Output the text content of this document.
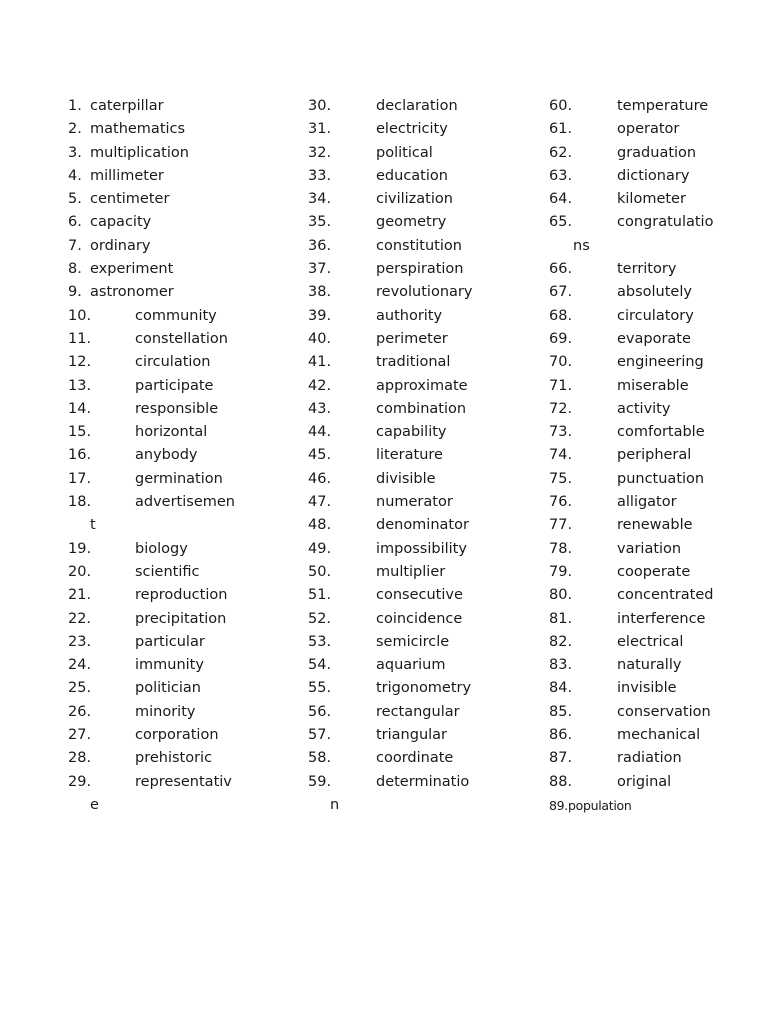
1. caterpillar
2. mathematics
3. multiplication
4. millimeter
5. centimeter
6. capacity
7. ordinary
8. experiment
9. astronomer
10.	community
11.	constellation
12.	circulation
13.	participate
14.	responsible
15.	horizontal
16.	anybody
17.	germination
18.	advertisemen
t
19.	biology
20.	scientific
21.	reproduction
22.	precipitation
23.	particular
24.	immunity
25.	politician
26.	minority
27.	corporation
28.	prehistoric
29.	representativ
e
30.	declaration
31.	electricity
32.	political
33.	education
34.	civilization
35.	geometry
36.	constitution
37.	perspiration
38.	revolutionary
39.	authority
40.	perimeter
41.	traditional
42.	approximate
43.	combination
44.	capability
45.	literature
46.	divisible
47.	numerator
48.	denominator
49.	impossibility
50.	multiplier
51.	consecutive
52.	coincidence
53.	semicircle
54.	aquarium
55.	trigonometry
56.	rectangular
57.	triangular
58.	coordinate
59.	determinatio
n
60.	temperature
61.	operator
62.	graduation
63.	dictionary
64.	kilometer
65.	congratulatio
ns
66.	territory
67.	absolutely
68.	circulatory
69.	evaporate
70.	engineering
71.	miserable
72.	activity
73.	comfortable
74.	peripheral
75.	punctuation
76.	alligator
77.	renewable
78.	variation
79.	cooperate
80.	concentrated
81.	interference
82.	electrical
83.	naturally
84.	invisible
85.	conservation
86.	mechanical
87.	radiation
88.	original
89.population
